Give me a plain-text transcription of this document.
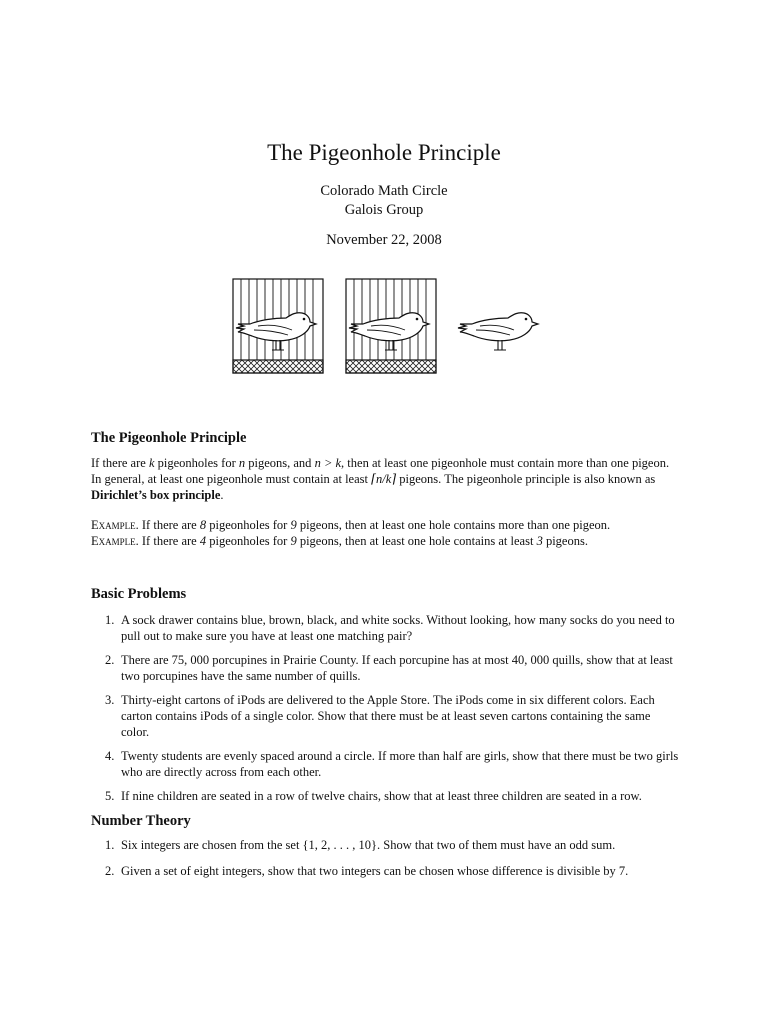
The Pigeonhole Principle
Colorado Math Circle
Galois Group
November 22, 2008
The Pigeonhole Principle

If there are k pigeonholes for n pigeons, and n > k, then at least one pigeonhole must contain more than one pigeon.
In general, at least one pigeonhole must contain at least ⌈n/k⌉ pigeons. The pigeonhole principle is also known as
Dirichlet’s box principle.

Example. If there are 8 pigeonholes for 9 pigeons, then at least one hole contains more than one pigeon.
Example. If there are 4 pigeonholes for 9 pigeons, then at least one hole contains at least 3 pigeons.

Basic Problems
1. A sock drawer contains blue, brown, black, and white socks. Without looking, how many socks do you need to pull out to make sure you have at least one matching pair?
2. There are 75, 000 porcupines in Prairie County. If each porcupine has at most 40, 000 quills, show that at least two porcupines have the same number of quills.
3. Thirty-eight cartons of iPods are delivered to the Apple Store. The iPods come in six different colors. Each carton contains iPods of a single color. Show that there must be at least seven cartons containing the same color.
4. Twenty students are evenly spaced around a circle. If more than half are girls, show that there must be two girls who are directly across from each other.
5. If nine children are seated in a row of twelve chairs, show that at least three children are seated in a row.
Number Theory
1. Six integers are chosen from the set {1, 2, . . . , 10}. Show that two of them must have an odd sum.
2. Given a set of eight integers, show that two integers can be chosen whose difference is divisible by 7.
